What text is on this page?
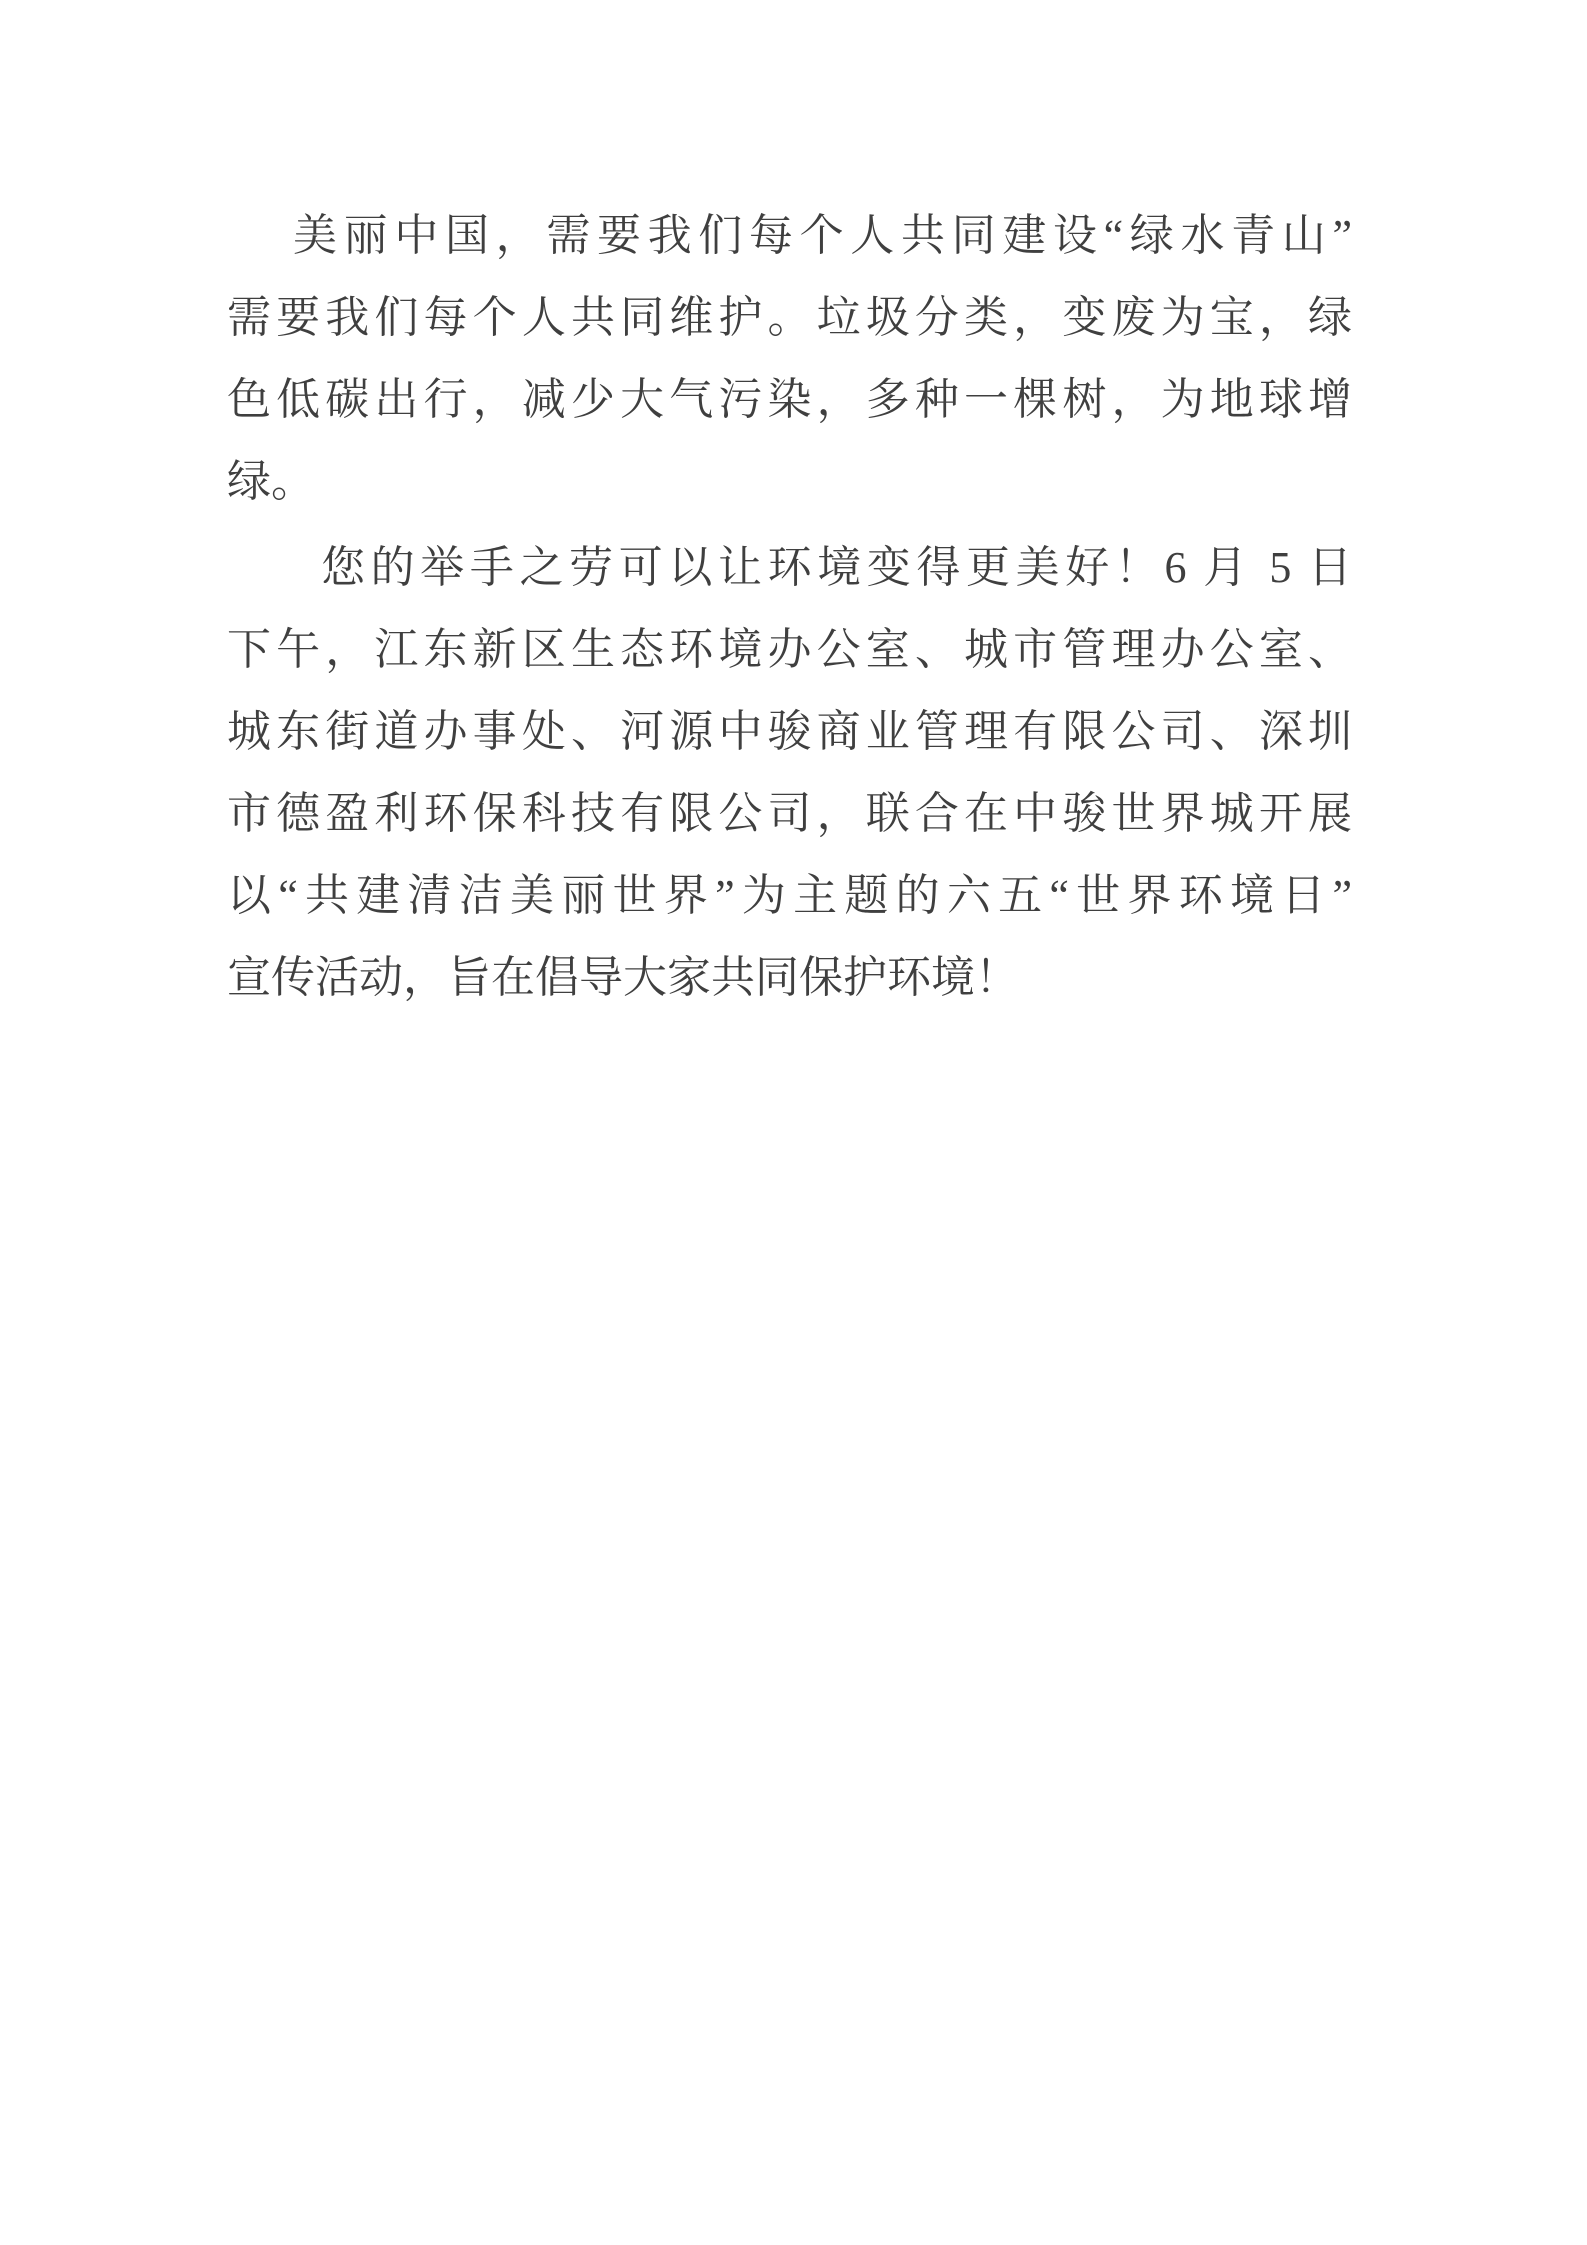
美丽中国，需要我们每个人共同建设“绿水青山”
需要我们每个人共同维护。垃圾分类，变废为宝，绿
色低碳出行，减少大气污染，多种一棵树，为地球增
绿。
您的举手之劳可以让环境变得更美好！6 月 5 日
下午，江东新区生态环境办公室、城市管理办公室、
城东街道办事处、河源中骏商业管理有限公司、深圳
市德盈利环保科技有限公司，联合在中骏世界城开展
以“共建清洁美丽世界”为主题的六五“世界环境日”
宣传活动，旨在倡导大家共同保护环境！
